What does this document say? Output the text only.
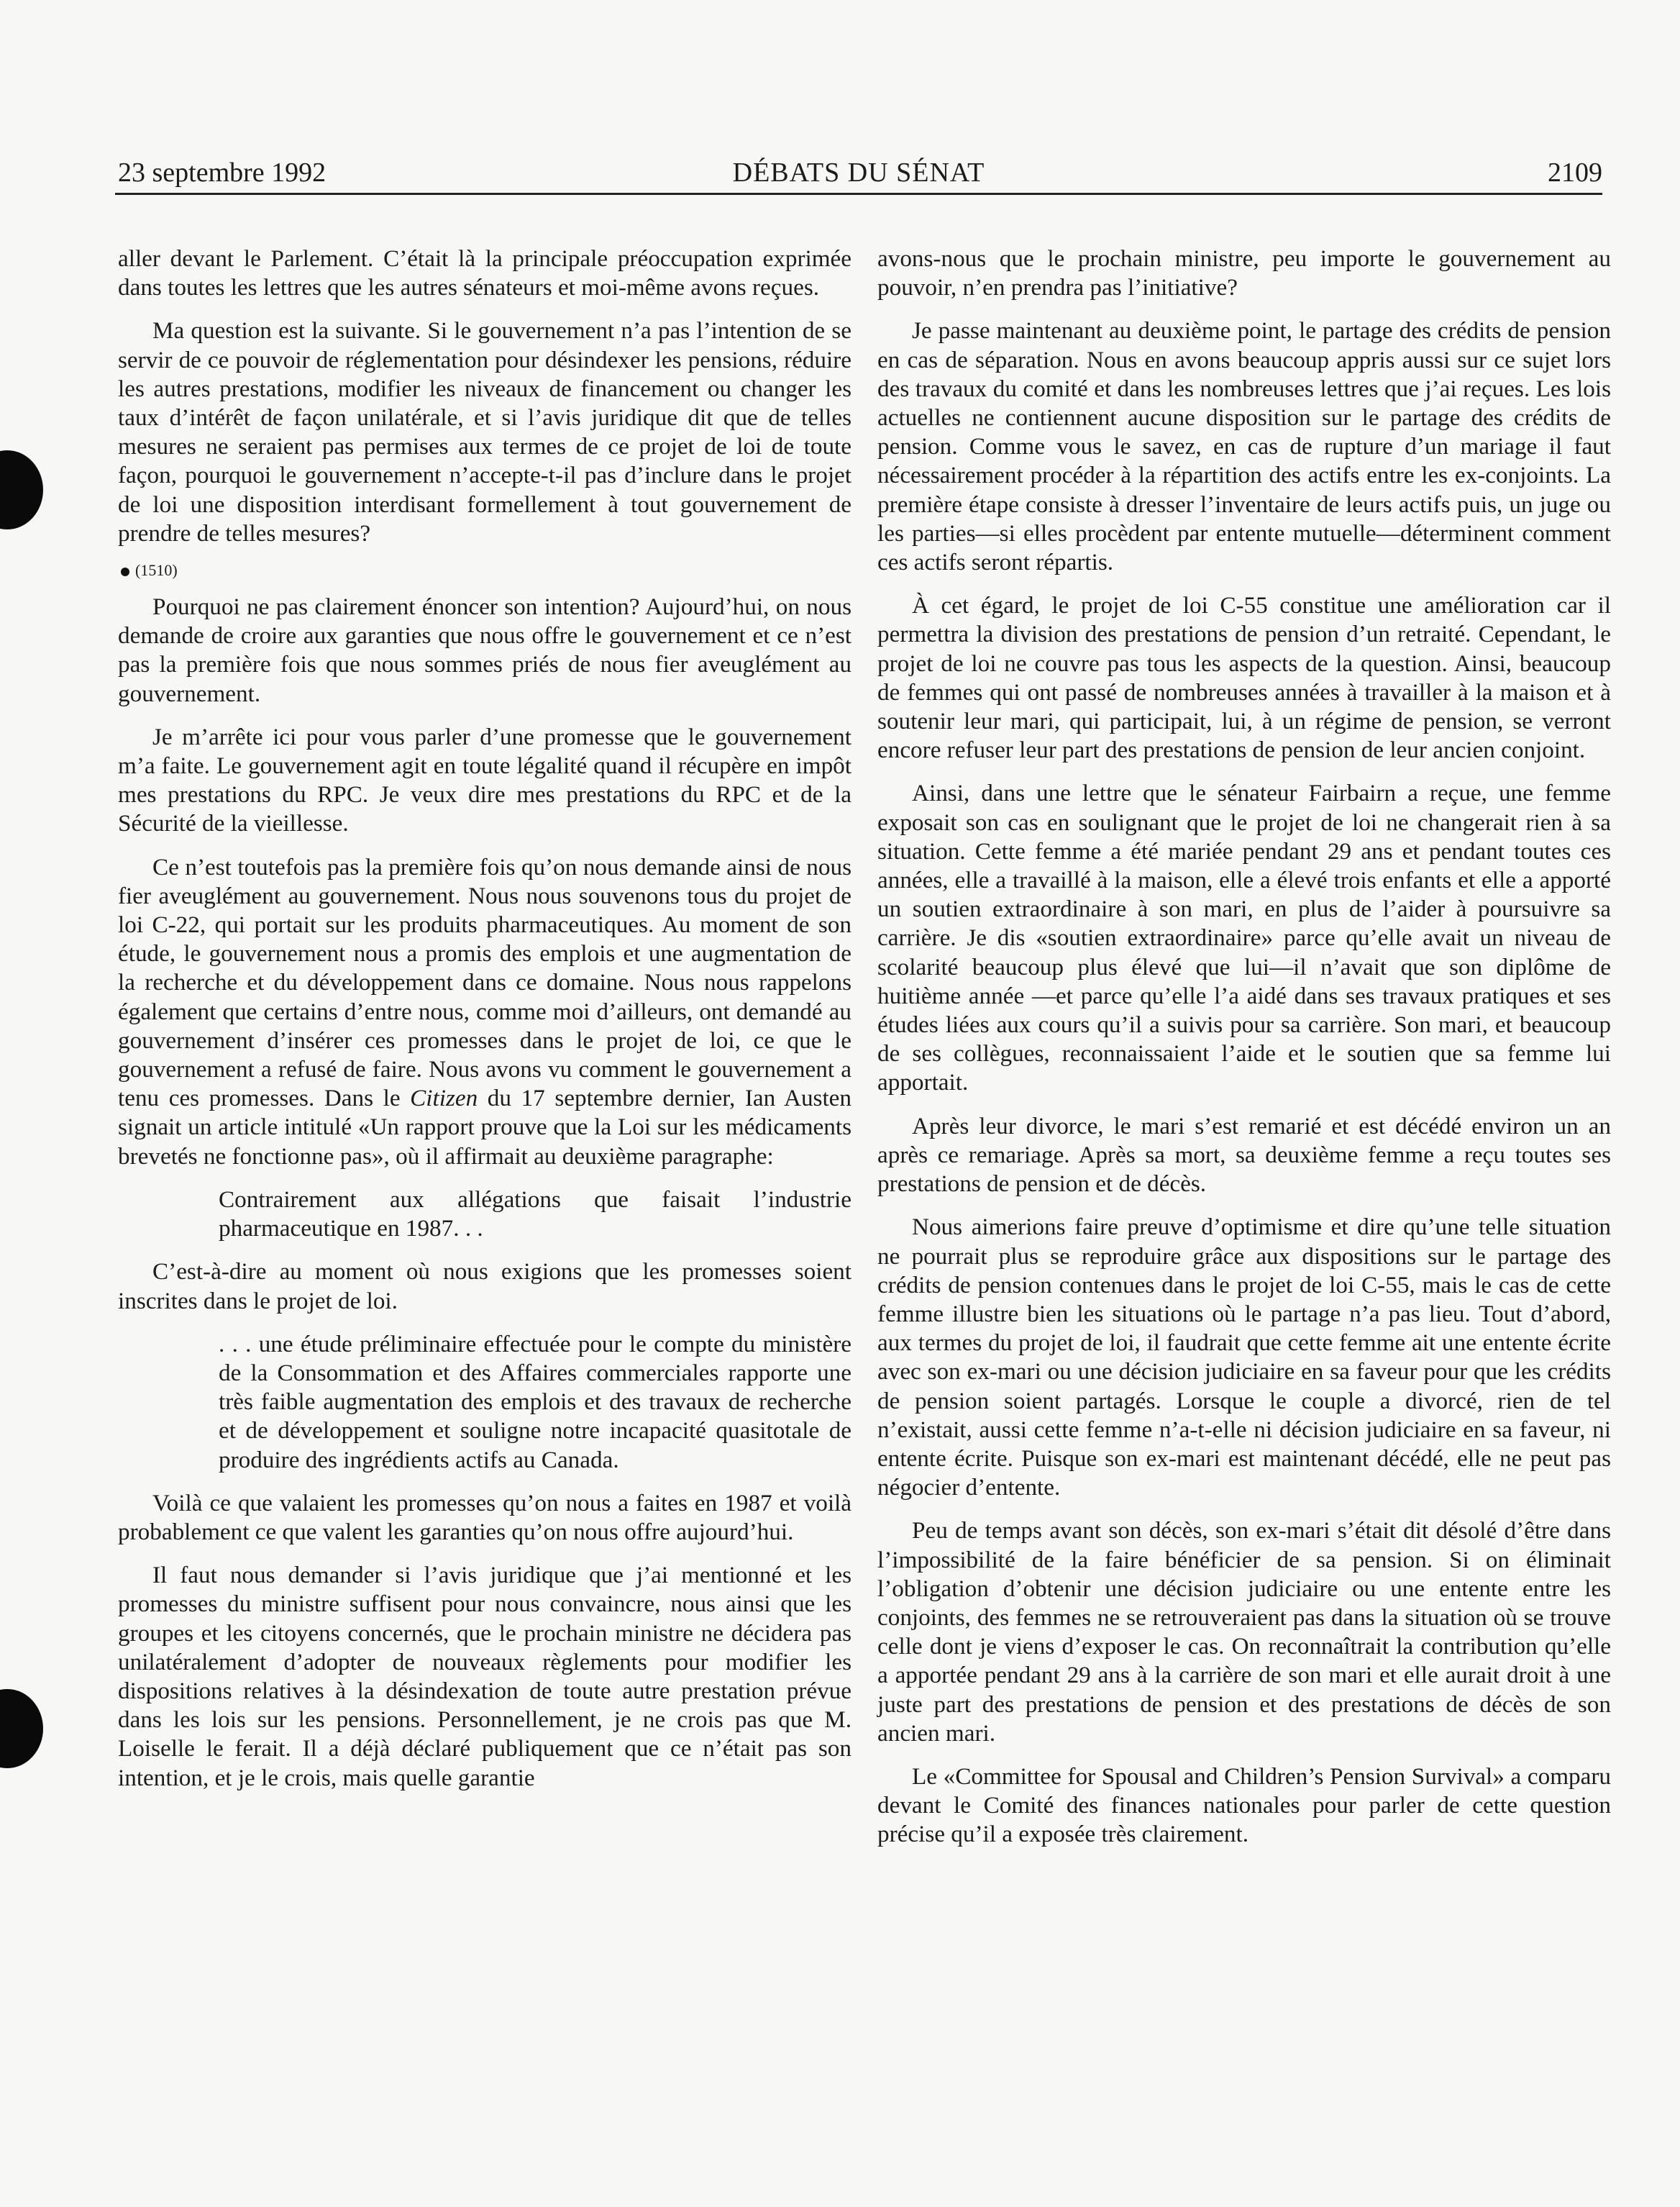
23 septembre 1992	DÉBATS DU SÉNAT	2109

aller devant le Parlement. C’était là la principale préoccupation exprimée dans toutes les lettres que les autres sénateurs et moi-même avons reçues.

Ma question est la suivante. Si le gouvernement n’a pas l’intention de se servir de ce pouvoir de réglementation pour désindexer les pensions, réduire les autres prestations, modifier les niveaux de financement ou changer les taux d’intérêt de façon unilatérale, et si l’avis juridique dit que de telles mesures ne seraient pas permises aux termes de ce projet de loi de toute façon, pourquoi le gouvernement n’accepte-t-il pas d’inclure dans le projet de loi une disposition interdisant formellement à tout gouvernement de prendre de telles mesures?

(1510)

Pourquoi ne pas clairement énoncer son intention? Aujourd’hui, on nous demande de croire aux garanties que nous offre le gouvernement et ce n’est pas la première fois que nous sommes priés de nous fier aveuglément au gouvernement.

Je m’arrête ici pour vous parler d’une promesse que le gouvernement m’a faite. Le gouvernement agit en toute légalité quand il récupère en impôt mes prestations du RPC. Je veux dire mes prestations du RPC et de la Sécurité de la vieillesse.

Ce n’est toutefois pas la première fois qu’on nous demande ainsi de nous fier aveuglément au gouvernement. Nous nous souvenons tous du projet de loi C-22, qui portait sur les produits pharmaceutiques. Au moment de son étude, le gouvernement nous a promis des emplois et une augmentation de la recherche et du développement dans ce domaine. Nous nous rappelons également que certains d’entre nous, comme moi d’ailleurs, ont demandé au gouvernement d’insérer ces promesses dans le projet de loi, ce que le gouvernement a refusé de faire. Nous avons vu comment le gouvernement a tenu ces promesses. Dans le Citizen du 17 septembre dernier, Ian Austen signait un article intitulé «Un rapport prouve que la Loi sur les médicaments brevetés ne fonctionne pas», où il affirmait au deuxième paragraphe:

Contrairement aux allégations que faisait l’industrie pharmaceutique en 1987. . .

C’est-à-dire au moment où nous exigions que les promesses soient inscrites dans le projet de loi.

. . . une étude préliminaire effectuée pour le compte du ministère de la Consommation et des Affaires commerciales rapporte une très faible augmentation des emplois et des travaux de recherche et de développement et souligne notre incapacité quasitotale de produire des ingrédients actifs au Canada.

Voilà ce que valaient les promesses qu’on nous a faites en 1987 et voilà probablement ce que valent les garanties qu’on nous offre aujourd’hui.

Il faut nous demander si l’avis juridique que j’ai mentionné et les promesses du ministre suffisent pour nous convaincre, nous ainsi que les groupes et les citoyens concernés, que le prochain ministre ne décidera pas unilatéralement d’adopter de nouveaux règlements pour modifier les dispositions relatives à la désindexation de toute autre prestation prévue dans les lois sur les pensions. Personnellement, je ne crois pas que M. Loiselle le ferait. Il a déjà déclaré publiquement que ce n’était pas son intention, et je le crois, mais quelle garantie

avons-nous que le prochain ministre, peu importe le gouvernement au pouvoir, n’en prendra pas l’initiative?

Je passe maintenant au deuxième point, le partage des crédits de pension en cas de séparation. Nous en avons beaucoup appris aussi sur ce sujet lors des travaux du comité et dans les nombreuses lettres que j’ai reçues. Les lois actuelles ne contiennent aucune disposition sur le partage des crédits de pension. Comme vous le savez, en cas de rupture d’un mariage il faut nécessairement procéder à la répartition des actifs entre les ex-conjoints. La première étape consiste à dresser l’inventaire de leurs actifs puis, un juge ou les parties—si elles procèdent par entente mutuelle—déterminent comment ces actifs seront répartis.

À cet égard, le projet de loi C-55 constitue une amélioration car il permettra la division des prestations de pension d’un retraité. Cependant, le projet de loi ne couvre pas tous les aspects de la question. Ainsi, beaucoup de femmes qui ont passé de nombreuses années à travailler à la maison et à soutenir leur mari, qui participait, lui, à un régime de pension, se verront encore refuser leur part des prestations de pension de leur ancien conjoint.

Ainsi, dans une lettre que le sénateur Fairbairn a reçue, une femme exposait son cas en soulignant que le projet de loi ne changerait rien à sa situation. Cette femme a été mariée pendant 29 ans et pendant toutes ces années, elle a travaillé à la maison, elle a élevé trois enfants et elle a apporté un soutien extraordinaire à son mari, en plus de l’aider à poursuivre sa carrière. Je dis «soutien extraordinaire» parce qu’elle avait un niveau de scolarité beaucoup plus élevé que lui—il n’avait que son diplôme de huitième année —et parce qu’elle l’a aidé dans ses travaux pratiques et ses études liées aux cours qu’il a suivis pour sa carrière. Son mari, et beaucoup de ses collègues, reconnaissaient l’aide et le soutien que sa femme lui apportait.

Après leur divorce, le mari s’est remarié et est décédé environ un an après ce remariage. Après sa mort, sa deuxième femme a reçu toutes ses prestations de pension et de décès.

Nous aimerions faire preuve d’optimisme et dire qu’une telle situation ne pourrait plus se reproduire grâce aux dispositions sur le partage des crédits de pension contenues dans le projet de loi C-55, mais le cas de cette femme illustre bien les situations où le partage n’a pas lieu. Tout d’abord, aux termes du projet de loi, il faudrait que cette femme ait une entente écrite avec son ex-mari ou une décision judiciaire en sa faveur pour que les crédits de pension soient partagés. Lorsque le couple a divorcé, rien de tel n’existait, aussi cette femme n’a-t-elle ni décision judiciaire en sa faveur, ni entente écrite. Puisque son ex-mari est maintenant décédé, elle ne peut pas négocier d’entente.

Peu de temps avant son décès, son ex-mari s’était dit désolé d’être dans l’impossibilité de la faire bénéficier de sa pension. Si on éliminait l’obligation d’obtenir une décision judiciaire ou une entente entre les conjoints, des femmes ne se retrouveraient pas dans la situation où se trouve celle dont je viens d’exposer le cas. On reconnaîtrait la contribution qu’elle a apportée pendant 29 ans à la carrière de son mari et elle aurait droit à une juste part des prestations de pension et des prestations de décès de son ancien mari.

Le «Committee for Spousal and Children’s Pension Survival» a comparu devant le Comité des finances nationales pour parler de cette question précise qu’il a exposée très clairement.
